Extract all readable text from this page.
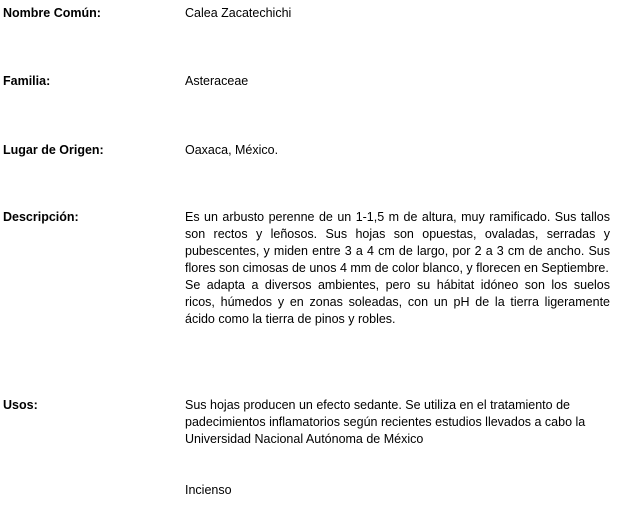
Nombre Común:	Calea Zacatechichi
Familia:	Asteraceae
Lugar de Origen:	Oaxaca, México.
Descripción:	Es un arbusto perenne de un 1-1,5 m de altura, muy ramificado. Sus tallos son rectos y leñosos. Sus hojas son opuestas, ovaladas, serradas y pubescentes, y miden entre 3 a 4 cm de largo, por 2 a 3 cm de ancho. Sus flores son cimosas de unos 4 mm de color blanco, y florecen en Septiembre.

Se adapta a diversos ambientes, pero su hábitat idóneo son los suelos ricos, húmedos y en zonas soleadas, con un pH de la tierra ligeramente ácido como la tierra de pinos y robles.

Usos:	Sus hojas producen un efecto sedante. Se utiliza en el tratamiento de padecimientos inflamatorios según recientes estudios llevados a cabo la Universidad Nacional Autónoma de México
Incienso
